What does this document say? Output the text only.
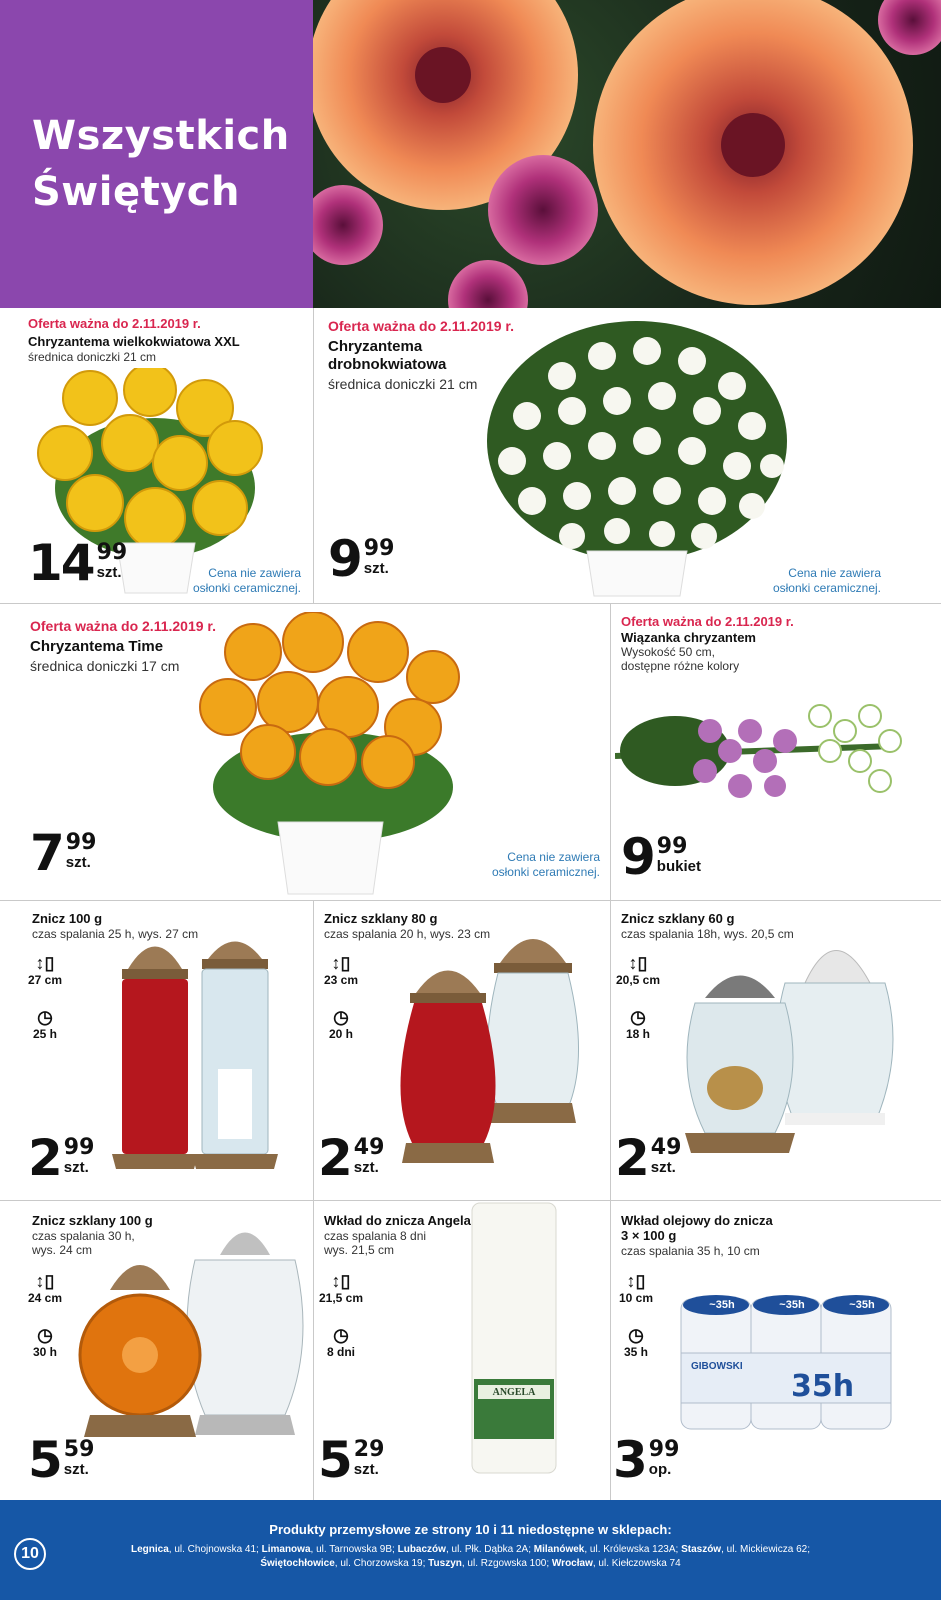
Wszystkich
Świętych
Oferta ważna do 2.11.2019 r.
Chryzantema wielkokwiatowa XXL
średnica doniczki 21 cm
14 99
szt.	Cena nie zawiera
osłonki ceramicznej.
Oferta ważna do 2.11.2019 r.
Chryzantema
drobnokwiatowa
średnica doniczki 21 cm
9 99
szt.	Cena nie zawiera
osłonki ceramicznej.
Oferta ważna do 2.11.2019 r.
Chryzantema Time
średnica doniczki 17 cm
7 99
szt.	Cena nie zawiera
osłonki ceramicznej.
Oferta ważna do 2.11.2019 r.
Wiązanka chryzantem
Wysokość 50 cm,
dostępne różne kolory
9 99
bukiet
Znicz 100 g
czas spalania 25 h, wys. 27 cm
↕▯
27 cm
◷
25 h
2 99
szt.
Znicz szklany 80 g
czas spalania 20 h, wys. 23 cm
↕▯
23 cm
◷
20 h
2 49
szt.
Znicz szklany 60 g
czas spalania 18h, wys. 20,5 cm
↕▯
20,5 cm
◷
18 h
2 49
szt.
Znicz szklany 100 g
czas spalania 30 h,
wys. 24 cm
↕▯
24 cm
◷
30 h
5 59
szt.
Wkład do znicza Angela
czas spalania 8 dni
wys. 21,5 cm
↕▯
21,5 cm
◷
8 dni
ANGELA
5 29
szt.
Wkład olejowy do znicza
3 × 100 g
czas spalania 35 h, 10 cm
↕▯
10 cm
◷
35 h
~35h	~35h	~35h
GIBOWSKI
35h
3 99
op.
10
Produkty przemysłowe ze strony 10 i 11 niedostępne w sklepach:
Legnica, ul. Chojnowska 41; Limanowa, ul. Tarnowska 9B; Lubaczów, ul. Płk. Dąbka 2A; Milanówek, ul. Królewska 123A; Staszów, ul. Mickiewicza 62;
Świętochłowice, ul. Chorzowska 19; Tuszyn, ul. Rzgowska 100; Wrocław, ul. Kiełczowska 74
